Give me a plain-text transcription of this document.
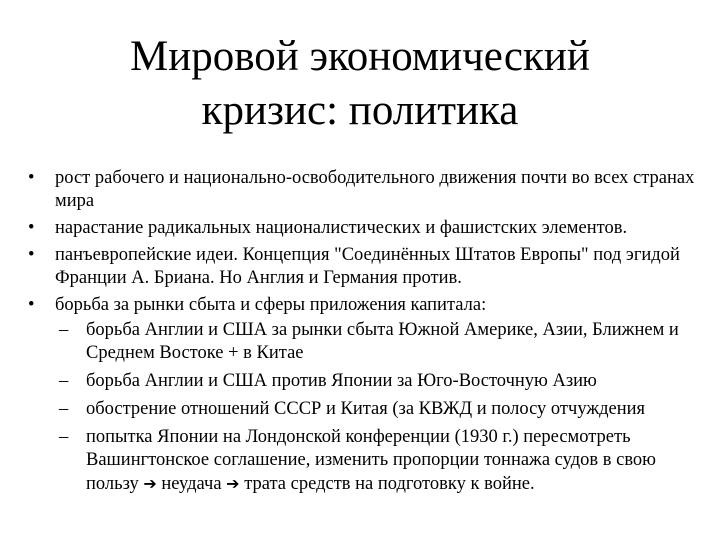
Мировой экономический
кризис: политика
•	рост рабочего и национально-освободительного движения почти во всех странах мира
•	нарастание радикальных националистических и фашистских элементов.
•	панъевропейские идеи. Концепция "Соединённых Штатов Европы" под эгидой Франции А. Бриана. Но Англия и Германия против.
•	борьба за рынки сбыта и сферы приложения капитала:
– борьба Англии и США за рынки сбыта Южной Америке, Азии, Ближнем и Среднем Востоке + в Китае
– борьба Англии и США против Японии за Юго-Восточную Азию
– обострение отношений СССР и Китая (за КВЖД и полосу отчуждения
– попытка Японии на Лондонской конференции (1930 г.) пересмотреть Вашингтонское соглашение, изменить пропорции тоннажа судов в свою пользу ➔ неудача ➔ трата средств на подготовку к войне.
